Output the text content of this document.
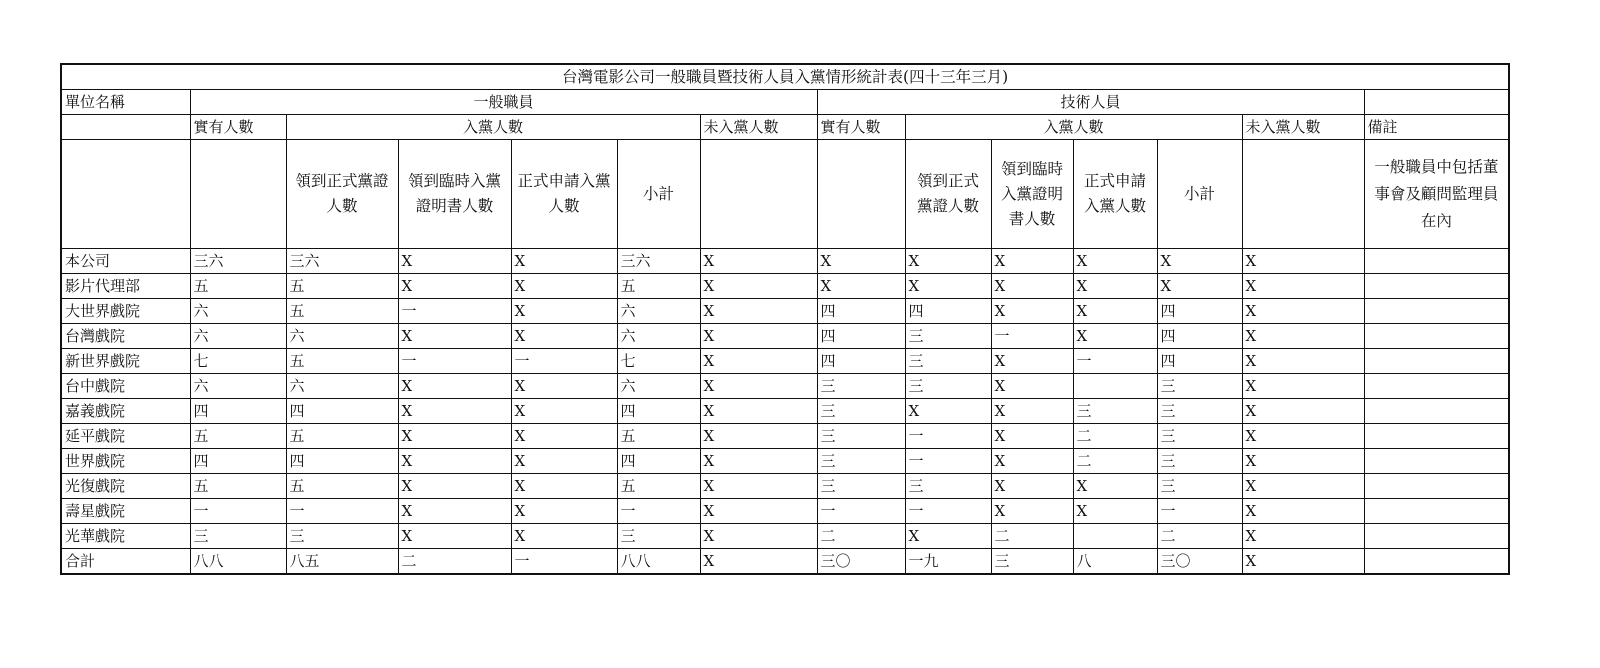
台灣電影公司一般職員暨技術人員入黨情形統計表(四十三年三月)													
單位名稱	一般職員						技術人員						
	實有人數	入黨人數				未入黨人數	實有人數	入黨人數				未入黨人數	備註
		領到正式黨證人數	領到臨時入黨證明書人數	正式申請入黨人數	小計			領到正式黨證人數	領到臨時入黨證明書人數	正式申請入黨人數	小計		一般職員中包括董事會及顧問監理員在內
本公司	三六	三六	X	X	三六	X	X	X	X	X	X	X	
影片代理部	五	五	X	X	五	X	X	X	X	X	X	X	
大世界戲院	六	五	一	X	六	X	四	四	X	X	四	X	
台灣戲院	六	六	X	X	六	X	四	三	一	X	四	X	
新世界戲院	七	五	一	一	七	X	四	三	X	一	四	X	
台中戲院	六	六	X	X	六	X	三	三	X		三	X	
嘉義戲院	四	四	X	X	四	X	三	X	X	三	三	X	
延平戲院	五	五	X	X	五	X	三	一	X	二	三	X	
世界戲院	四	四	X	X	四	X	三	一	X	二	三	X	
光復戲院	五	五	X	X	五	X	三	三	X	X	三	X	
壽星戲院	一	一	X	X	一	X	一	一	X	X	一	X	
光華戲院	三	三	X	X	三	X	二	X	二		二	X	
合計	八八	八五	二	一	八八	X	三〇	一九	三	八	三〇	X	
